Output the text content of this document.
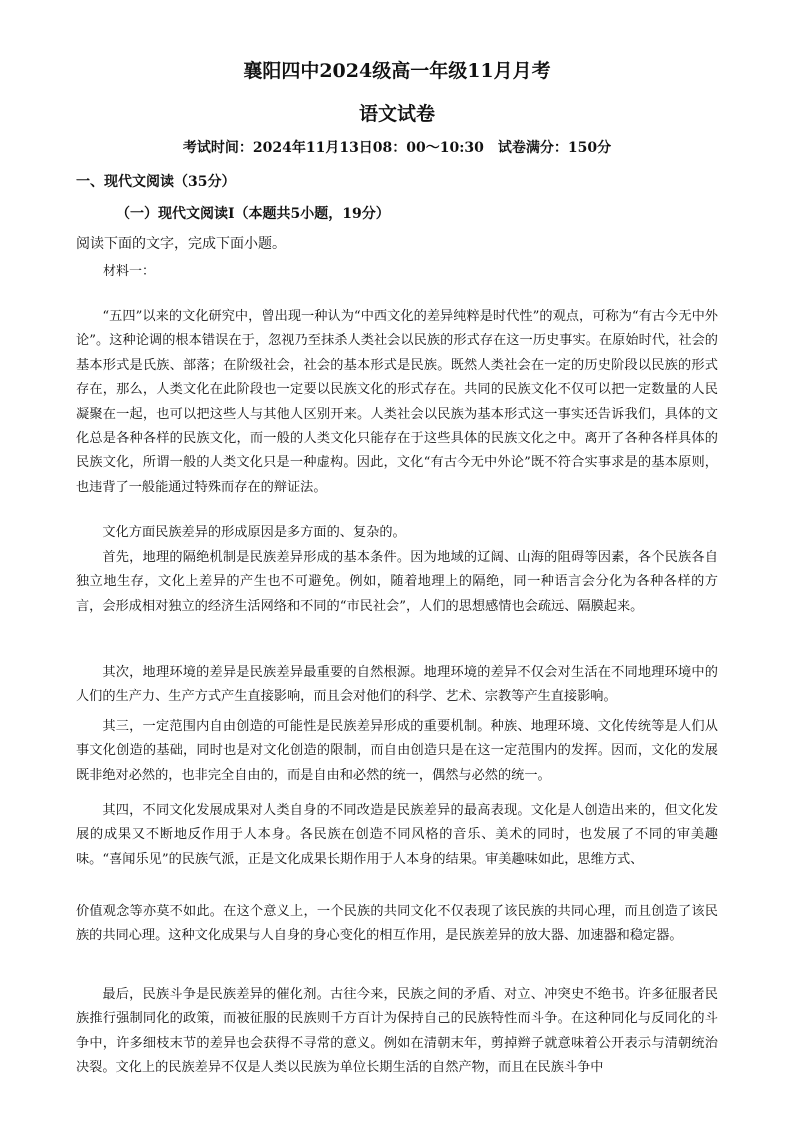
襄阳四中2024级高一年级11月月考
语文试卷
考试时间：2024年11月13日08：00～10:30　试卷满分：150分
一、现代文阅读（35分）
（一）现代文阅读Ⅰ（本题共5小题，19分）
阅读下面的文字，完成下面小题。
材料一：

“五四”以来的文化研究中，曾出现一种认为“中西文化的差异纯粹是时代性”的观点，可称为“有古今无中外论”。这种论调的根本错误在于，忽视乃至抹杀人类社会以民族的形式存在这一历史事实。在原始时代，社会的基本形式是氏族、部落；在阶级社会，社会的基本形式是民族。既然人类社会在一定的历史阶段以民族的形式存在，那么，人类文化在此阶段也一定要以民族文化的形式存在。共同的民族文化不仅可以把一定数量的人民凝聚在一起，也可以把这些人与其他人区别开来。人类社会以民族为基本形式这一事实还告诉我们，具体的文化总是各种各样的民族文化，而一般的人类文化只能存在于这些具体的民族文化之中。离开了各种各样具体的民族文化，所谓一般的人类文化只是一种虚构。因此，文化“有古今无中外论”既不符合实事求是的基本原则，也违背了一般能通过特殊而存在的辩证法。

文化方面民族差异的形成原因是多方面的、复杂的。

首先，地理的隔绝机制是民族差异形成的基本条件。因为地域的辽阔、山海的阻碍等因素，各个民族各自独立地生存，文化上差异的产生也不可避免。例如，随着地理上的隔绝，同一种语言会分化为各种各样的方言，会形成相对独立的经济生活网络和不同的“市民社会”，人们的思想感情也会疏远、隔膜起来。

其次，地理环境的差异是民族差异最重要的自然根源。地理环境的差异不仅会对生活在不同地理环境中的人们的生产力、生产方式产生直接影响，而且会对他们的科学、艺术、宗教等产生直接影响。

其三，一定范围内自由创造的可能性是民族差异形成的重要机制。种族、地理环境、文化传统等是人们从事文化创造的基础，同时也是对文化创造的限制，而自由创造只是在这一定范围内的发挥。因而，文化的发展既非绝对必然的，也非完全自由的，而是自由和必然的统一，偶然与必然的统一。

其四，不同文化发展成果对人类自身的不同改造是民族差异的最高表现。文化是人创造出来的，但文化发展的成果又不断地反作用于人本身。各民族在创造不同风格的音乐、美术的同时，也发展了不同的审美趣味。“喜闻乐见”的民族气派，正是文化成果长期作用于人本身的结果。审美趣味如此，思维方式、

价值观念等亦莫不如此。在这个意义上，一个民族的共同文化不仅表现了该民族的共同心理，而且创造了该民族的共同心理。这种文化成果与人自身的身心变化的相互作用，是民族差异的放大器、加速器和稳定器。

最后，民族斗争是民族差异的催化剂。古往今来，民族之间的矛盾、对立、冲突史不绝书。许多征服者民族推行强制同化的政策，而被征服的民族则千方百计为保持自己的民族特性而斗争。在这种同化与反同化的斗争中，许多细枝末节的差异也会获得不寻常的意义。例如在清朝末年，剪掉辫子就意味着公开表示与清朝统治决裂。文化上的民族差异不仅是人类以民族为单位长期生活的自然产物，而且在民族斗争中
